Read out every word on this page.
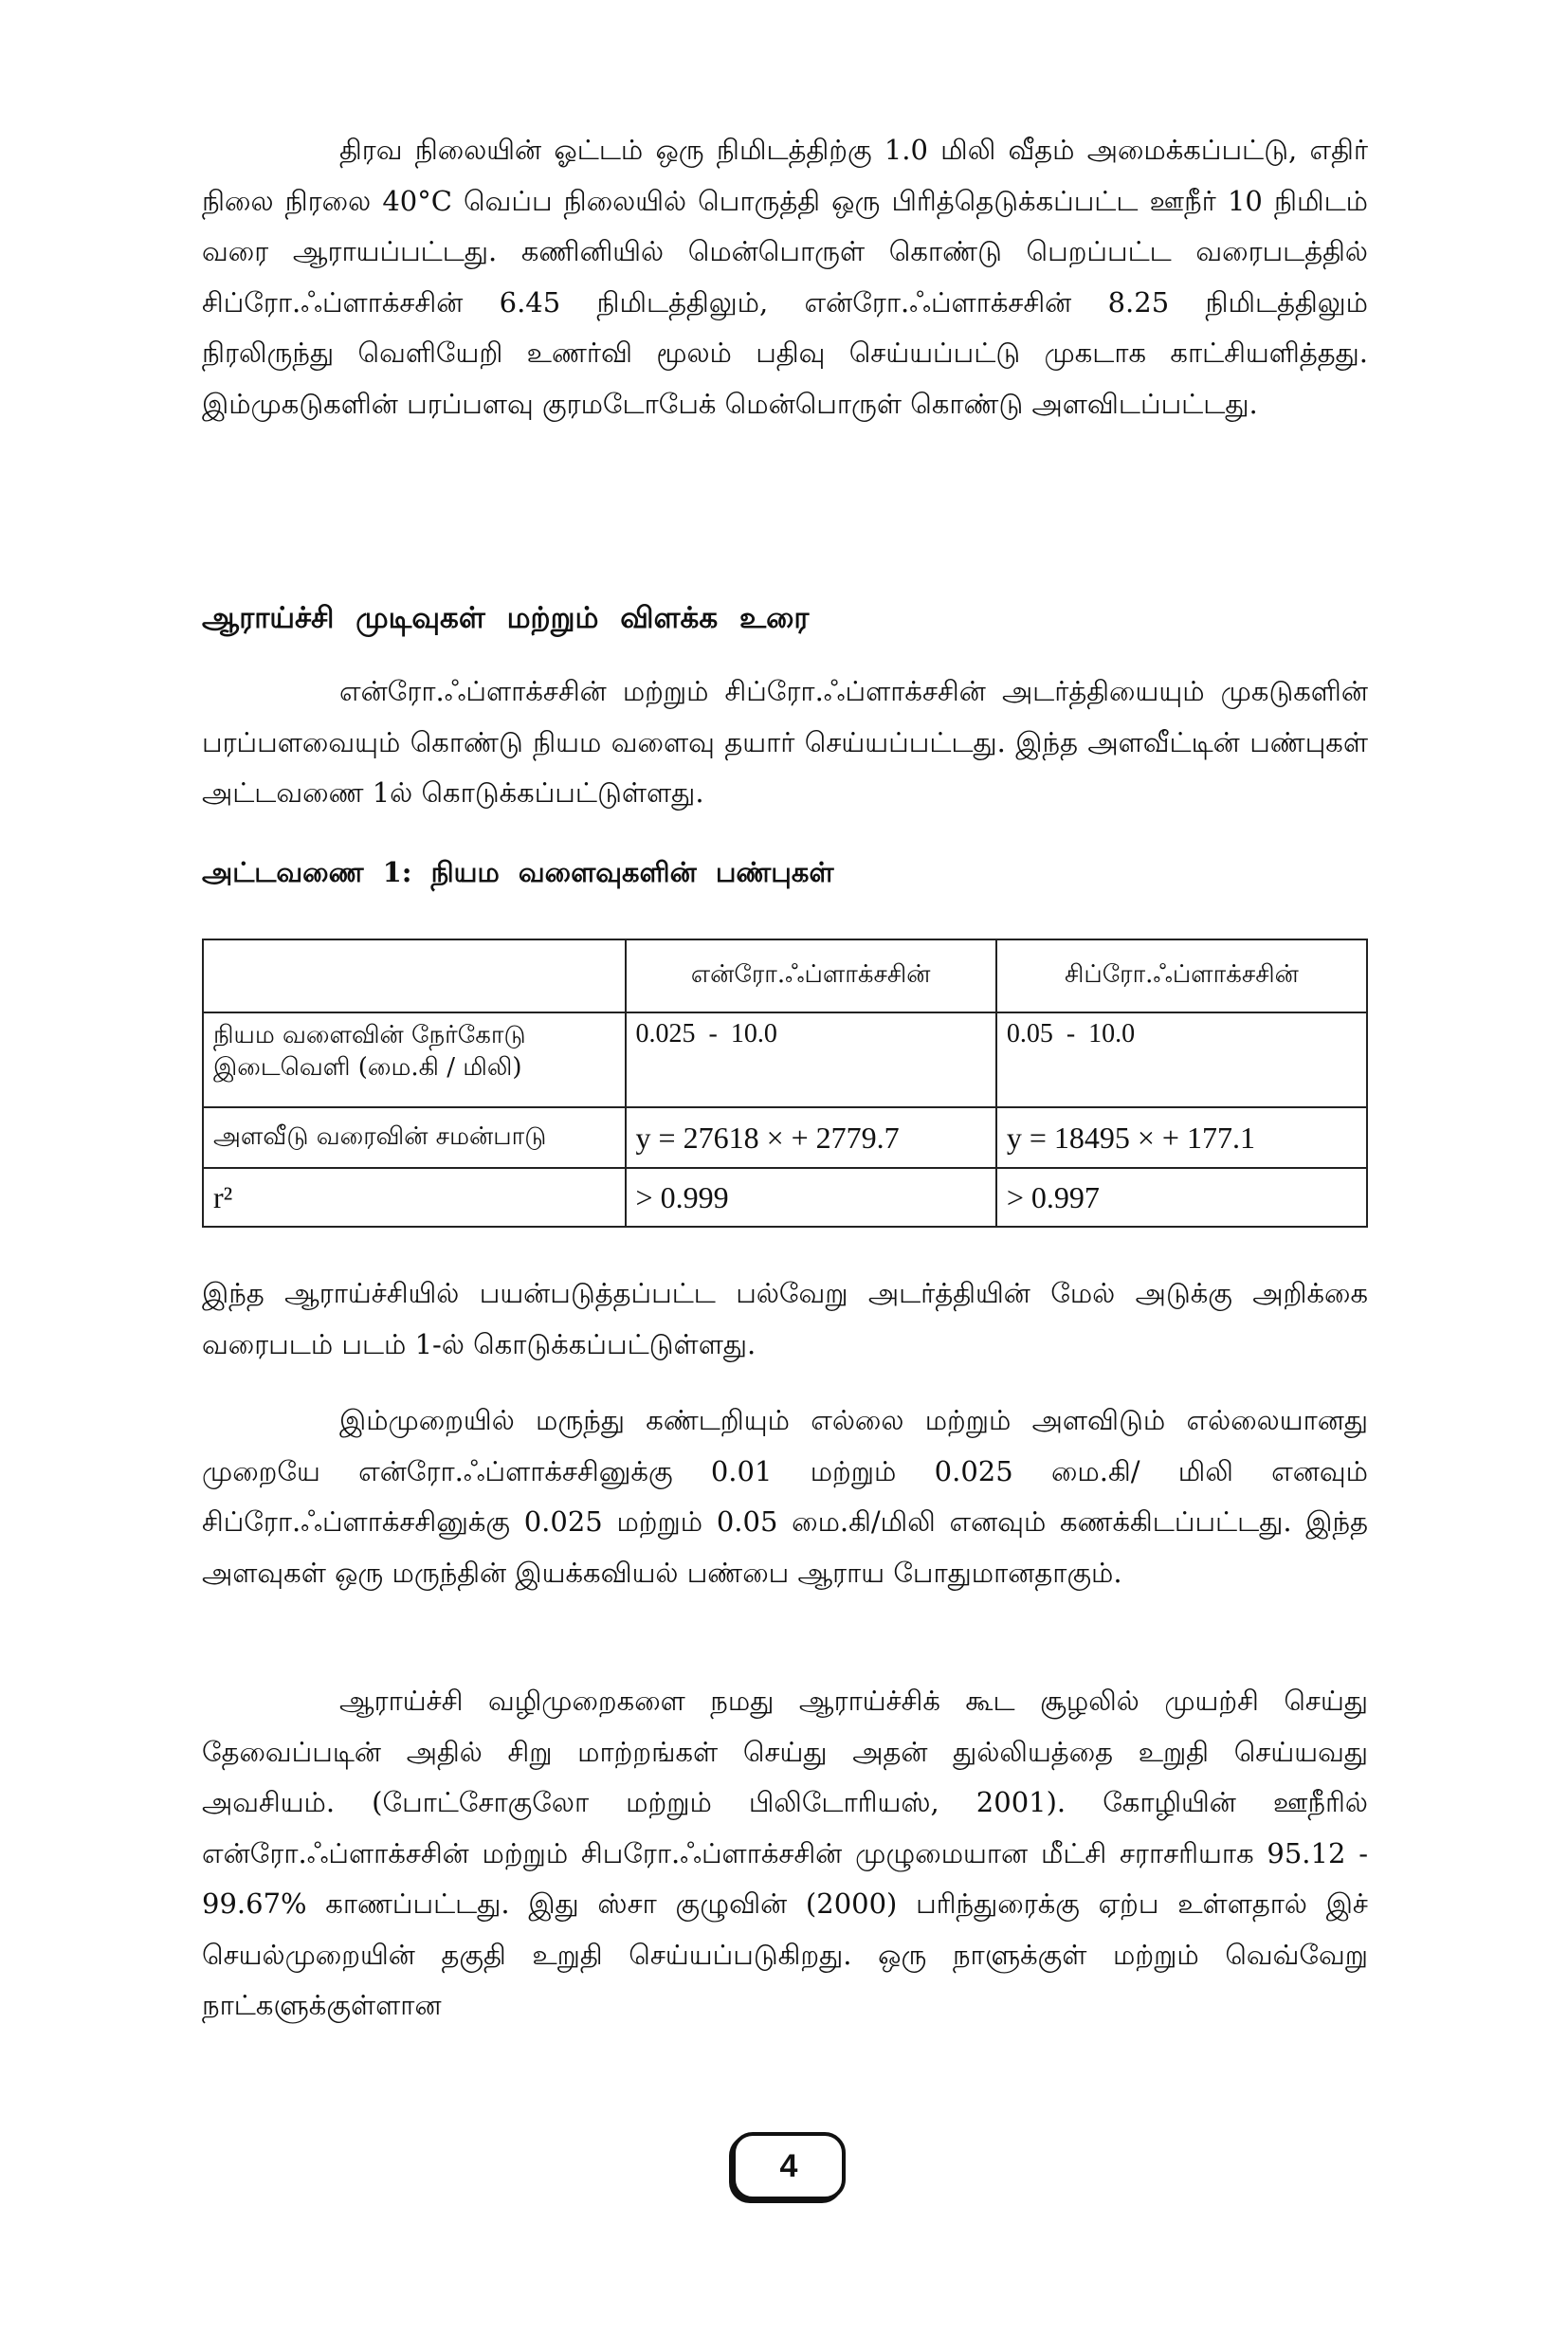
திரவ நிலையின் ஓட்டம் ஒரு நிமிடத்திற்கு 1.0 மிலி வீதம் அமைக்கப்பட்டு, எதிர் நிலை நிரலை 40°C வெப்ப நிலையில் பொருத்தி ஒரு பிரித்தெடுக்கப்பட்ட ஊநீர் 10 நிமிடம் வரை ஆராயப்பட்டது. கணினியில் மென்பொருள் கொண்டு பெறப்பட்ட வரைபடத்தில் சிப்ரோ.ஃப்ளாக்சசின் 6.45 நிமிடத்திலும், என்ரோ.ஃப்ளாக்சசின் 8.25 நிமிடத்திலும் நிரலிருந்து வெளியேறி உணர்வி மூலம் பதிவு செய்யப்பட்டு முகடாக காட்சியளித்தது. இம்முகடுகளின் பரப்பளவு குரமடோபேக் மென்பொருள் கொண்டு அளவிடப்பட்டது.

ஆராய்ச்சி முடிவுகள் மற்றும் விளக்க உரை

என்ரோ.ஃப்ளாக்சசின் மற்றும் சிப்ரோ.ஃப்ளாக்சசின் அடர்த்தியையும் முகடுகளின் பரப்பளவையும் கொண்டு நியம வளைவு தயார் செய்யப்பட்டது. இந்த அளவீட்டின் பண்புகள் அட்டவணை 1ல் கொடுக்கப்பட்டுள்ளது.

அட்டவணை 1: நியம வளைவுகளின் பண்புகள்
	என்ரோ.ஃப்ளாக்சசின்	சிப்ரோ.ஃப்ளாக்சசின்
நியம வளைவின் நேர்கோடு இடைவெளி (மை.கி / மிலி)	0.025  -  10.0	0.05  -  10.0
அளவீடு வரைவின் சமன்பாடு	y = 27618 × + 2779.7	y = 18495 × + 177.1
r²	> 0.999	> 0.997

இந்த ஆராய்ச்சியில் பயன்படுத்தப்பட்ட பல்வேறு அடர்த்தியின் மேல் அடுக்கு அறிக்கை வரைபடம் படம் 1-ல் கொடுக்கப்பட்டுள்ளது.

இம்முறையில் மருந்து கண்டறியும் எல்லை மற்றும் அளவிடும் எல்லையானது முறையே என்ரோ.ஃப்ளாக்சசினுக்கு 0.01 மற்றும் 0.025 மை.கி/ மிலி எனவும் சிப்ரோ.ஃப்ளாக்சசினுக்கு 0.025 மற்றும் 0.05 மை.கி/மிலி எனவும் கணக்கிடப்பட்டது. இந்த அளவுகள் ஒரு மருந்தின் இயக்கவியல் பண்பை ஆராய போதுமானதாகும்.

ஆராய்ச்சி வழிமுறைகளை நமது ஆராய்ச்சிக் கூட சூழலில் முயற்சி செய்து தேவைப்படின் அதில் சிறு மாற்றங்கள் செய்து அதன் துல்லியத்தை உறுதி செய்யவது அவசியம். (போட்சோகுலோ மற்றும் பிலிடோரியஸ், 2001). கோழியின் ஊநீரில் என்ரோ.ஃப்ளாக்சசின் மற்றும் சிபரோ.ஃப்ளாக்சசின் முழுமையான மீட்சி சராசரியாக 95.12 - 99.67% காணப்பட்டது. இது ஸ்சா குழுவின் (2000) பரிந்துரைக்கு ஏற்ப உள்ளதால் இச் செயல்முறையின் தகுதி உறுதி செய்யப்படுகிறது. ஒரு நாளுக்குள் மற்றும் வெவ்வேறு நாட்களுக்குள்ளான

4
